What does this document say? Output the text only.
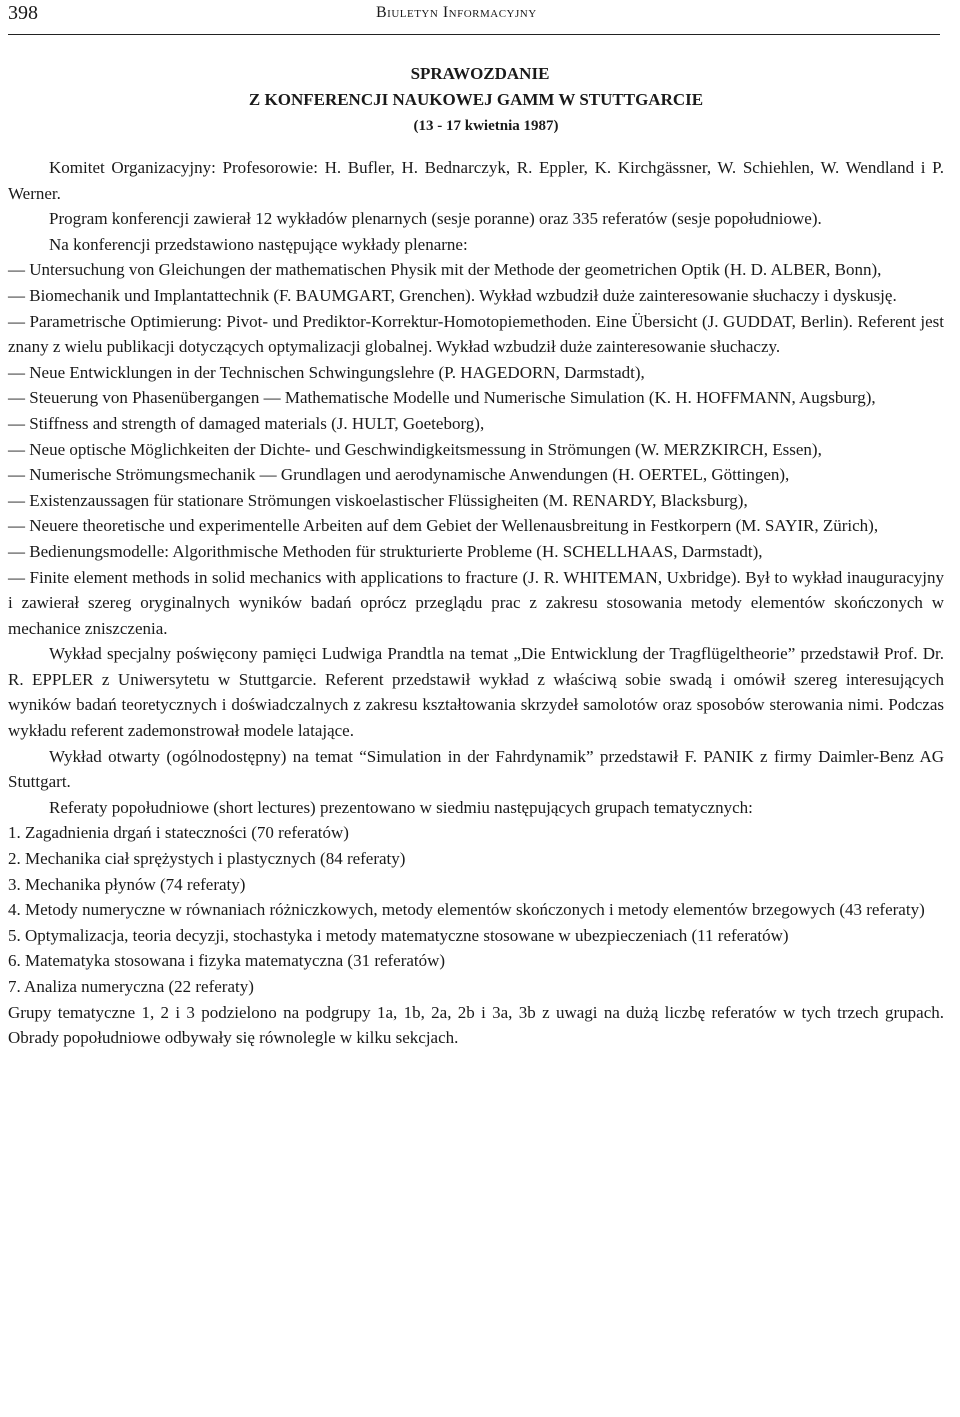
398	Biuletyn Informacyjny
SPRAWOZDANIE
Z KONFERENCJI NAUKOWEJ GAMM W STUTTGARCIE
(13 - 17 kwietnia 1987)

Komitet Organizacyjny: Profesorowie: H. Bufler, H. Bednarczyk, R. Eppler, K. Kirchgässner, W. Schiehlen, W. Wendland i P. Werner.

Program konferencji zawierał 12 wykładów plenarnych (sesje poranne) oraz 335 referatów (sesje popołudniowe).

Na konferencji przedstawiono następujące wykłady plenarne:

— Untersuchung von Gleichungen der mathematischen Physik mit der Methode der geometrichen Optik (H. D. ALBER, Bonn),

— Biomechanik und Implantattechnik (F. BAUMGART, Grenchen). Wykład wzbudził duże zainteresowanie słuchaczy i dyskusję.

— Parametrische Optimierung: Pivot- und Prediktor-Korrektur-Homotopiemethoden. Eine Übersicht (J. GUDDAT, Berlin). Referent jest znany z wielu publikacji dotyczących optymalizacji globalnej. Wykład wzbudził duże zainteresowanie słuchaczy.

— Neue Entwicklungen in der Technischen Schwingungslehre (P. HAGEDORN, Darmstadt),

— Steuerung von Phasenübergangen — Mathematische Modelle und Numerische Simulation (K. H. HOFFMANN, Augsburg),

— Stiffness and strength of damaged materials (J. HULT, Goeteborg),

— Neue optische Möglichkeiten der Dichte- und Geschwindigkeitsmessung in Strömungen (W. MERZKIRCH, Essen),

— Numerische Strömungsmechanik — Grundlagen und aerodynamische Anwendungen (H. OERTEL, Göttingen),

— Existenzaussagen für stationare Strömungen viskoelastischer Flüssigheiten (M. RENARDY, Blacksburg),

— Neuere theoretische und experimentelle Arbeiten auf dem Gebiet der Wellenausbreitung in Festkorpern (M. SAYIR, Zürich),

— Bedienungsmodelle: Algorithmische Methoden für strukturierte Probleme (H. SCHELLHAAS, Darmstadt),

— Finite element methods in solid mechanics with applications to fracture (J. R. WHITEMAN, Uxbridge). Był to wykład inauguracyjny i zawierał szereg oryginalnych wyników badań oprócz przeglądu prac z zakresu stosowania metody elementów skończonych w mechanice zniszczenia.

Wykład specjalny poświęcony pamięci Ludwiga Prandtla na temat „Die Entwicklung der Tragflügeltheorie” przedstawił Prof. Dr. R. EPPLER z Uniwersytetu w Stuttgarcie. Referent przedstawił wykład z właściwą sobie swadą i omówił szereg interesujących wyników badań teoretycznych i doświadczalnych z zakresu kształtowania skrzydeł samolotów oraz sposobów sterowania nimi. Podczas wykładu referent zademonstrował modele latające.

Wykład otwarty (ogólnodostępny) na temat “Simulation in der Fahrdynamik” przedstawił F. PANIK z firmy Daimler-Benz AG Stuttgart.

Referaty popołudniowe (short lectures) prezentowano w siedmiu następujących grupach tematycznych:

1. Zagadnienia drgań i stateczności (70 referatów)

2. Mechanika ciał sprężystych i plastycznych (84 referaty)

3. Mechanika płynów (74 referaty)

4. Metody numeryczne w równaniach różniczkowych, metody elementów skończonych i metody elementów brzegowych (43 referaty)

5. Optymalizacja, teoria decyzji, stochastyka i metody matematyczne stosowane w ubezpieczeniach (11 referatów)

6. Matematyka stosowana i fizyka matematyczna (31 referatów)

7. Analiza numeryczna (22 referaty)

Grupy tematyczne 1, 2 i 3 podzielono na podgrupy 1a, 1b, 2a, 2b i 3a, 3b z uwagi na dużą liczbę referatów w tych trzech grupach. Obrady popołudniowe odbywały się równolegle w kilku sekcjach.
